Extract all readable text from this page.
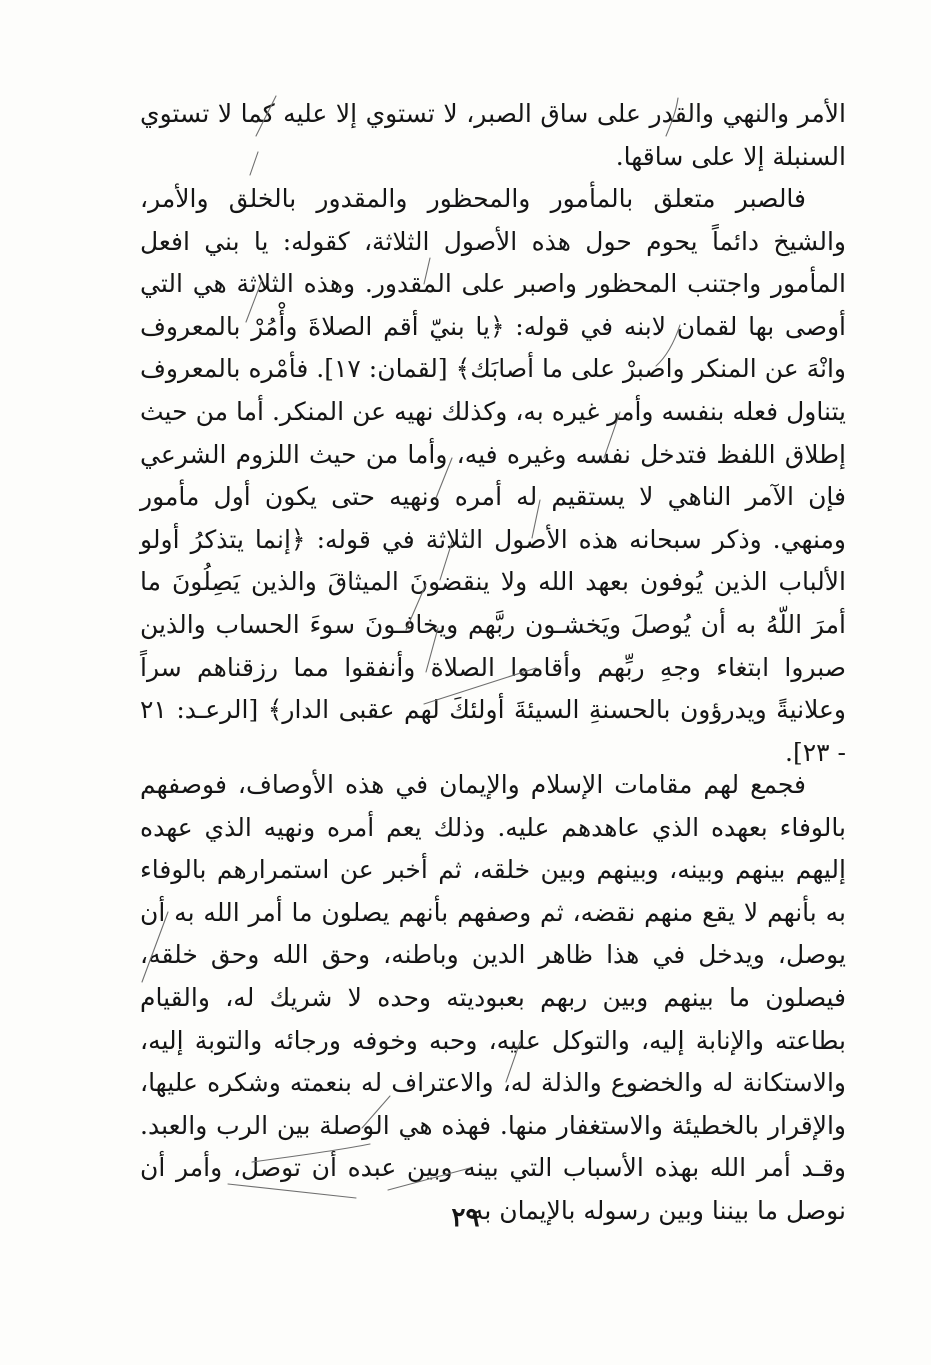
الأمر والنهي والقدر على ساق الصبر، لا تستوي إلا عليه كما لا تستوي السنبلة إلا على ساقها.

فالصبر متعلق بالمأمور والمحظور والمقدور بالخلق والأمر، والشيخ دائماً يحوم حول هذه الأصول الثلاثة، كقوله: يا بني افعل المأمور واجتنب المحظور واصبر على المقدور. وهذه الثلاثة هي التي أوصى بها لقمان لابنه في قوله: ﴿يا بنيّ أقم الصلاةَ وأْمُرْ بالمعروف وانْهَ عن المنكر واصبرْ على ما أصابَك﴾ [لقمان: ١٧]. فأمْره بالمعروف يتناول فعله بنفسه وأمر غيره به، وكذلك نهيه عن المنكر. أما من حيث إطلاق اللفظ فتدخل نفسه وغيره فيه، وأما من حيث اللزوم الشرعي فإن الآمر الناهي لا يستقيم له أمره ونهيه حتى يكون أول مأمور ومنهي. وذكر سبحانه هذه الأصول الثلاثة في قوله: ﴿إنما يتذكرُ أولو الألباب الذين يُوفون بعهد الله ولا ينقضونَ الميثاقَ والذين يَصِلُونَ ما أمرَ اللّهُ به أن يُوصلَ ويَخشـون ربَّهم ويخافـونَ سوءَ الحساب والذين صبروا ابتغاء وجهِ ربِّهم وأقاموا الصلاة وأنفقوا مما رزقناهم سراً وعلانيةً ويدرؤون بالحسنةِ السيئةَ أولئكَ لهم عقبى الدار﴾ [الرعـد: ٢١ - ٢٣].

فجمع لهم مقامات الإسلام والإيمان في هذه الأوصاف، فوصفهم بالوفاء بعهده الذي عاهدهم عليه. وذلك يعم أمره ونهيه الذي عهده إليهم بينهم وبينه، وبينهم وبين خلقه، ثم أخبر عن استمرارهم بالوفاء به بأنهم لا يقع منهم نقضه، ثم وصفهم بأنهم يصلون ما أمر الله به أن يوصل، ويدخل في هذا ظاهر الدين وباطنه، وحق الله وحق خلقه، فيصلون ما بينهم وبين ربهم بعبوديته وحده لا شريك له، والقيام بطاعته والإنابة إليه، والتوكل عليه، وحبه وخوفه ورجائه والتوبة إليه، والاستكانة له والخضوع والذلة له، والاعتراف له بنعمته وشكره عليها، والإقرار بالخطيئة والاستغفار منها. فهذه هي الوصلة بين الرب والعبد. وقـد أمر الله بهذه الأسباب التي بينه وبين عبده أن توصل، وأمر أن نوصل ما بيننا وبين رسوله بالإيمان به

٢٩
